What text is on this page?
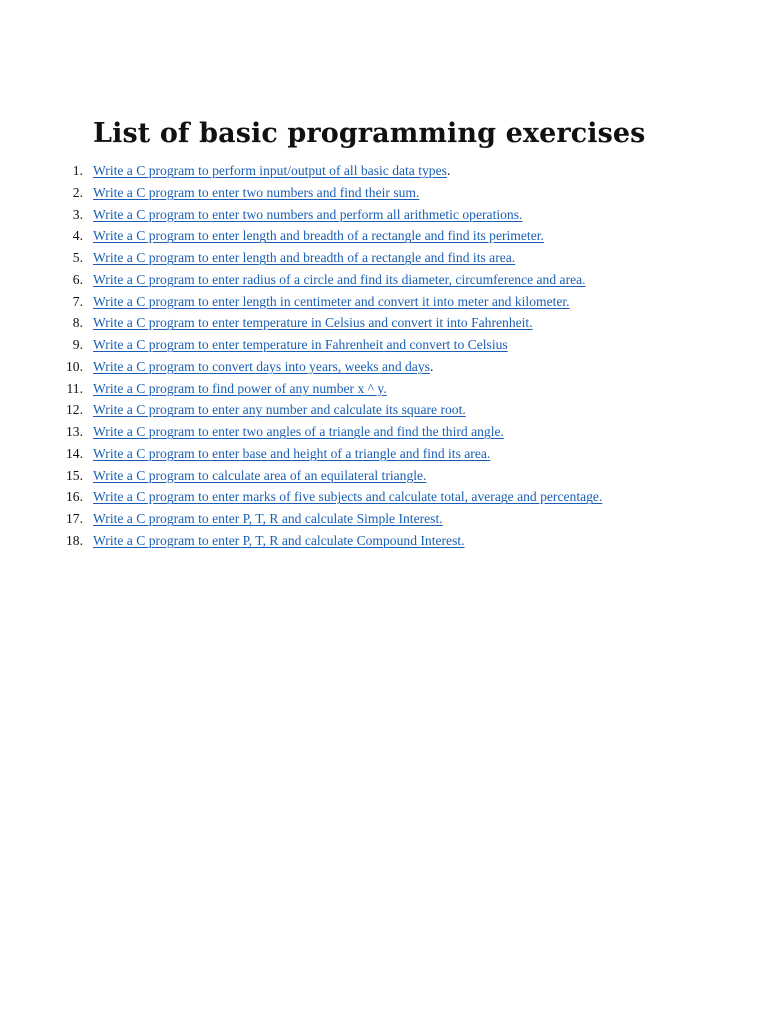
List of basic programming exercises
1. Write a C program to perform input/output of all basic data types.
2. Write a C program to enter two numbers and find their sum.
3. Write a C program to enter two numbers and perform all arithmetic operations.
4. Write a C program to enter length and breadth of a rectangle and find its perimeter.
5. Write a C program to enter length and breadth of a rectangle and find its area.
6. Write a C program to enter radius of a circle and find its diameter, circumference and area.
7. Write a C program to enter length in centimeter and convert it into meter and kilometer.
8. Write a C program to enter temperature in Celsius and convert it into Fahrenheit.
9. Write a C program to enter temperature in Fahrenheit and convert to Celsius
10. Write a C program to convert days into years, weeks and days.
11. Write a C program to find power of any number x ^ y.
12. Write a C program to enter any number and calculate its square root.
13. Write a C program to enter two angles of a triangle and find the third angle.
14. Write a C program to enter base and height of a triangle and find its area.
15. Write a C program to calculate area of an equilateral triangle.
16. Write a C program to enter marks of five subjects and calculate total, average and percentage.
17. Write a C program to enter P, T, R and calculate Simple Interest.
18. Write a C program to enter P, T, R and calculate Compound Interest.
